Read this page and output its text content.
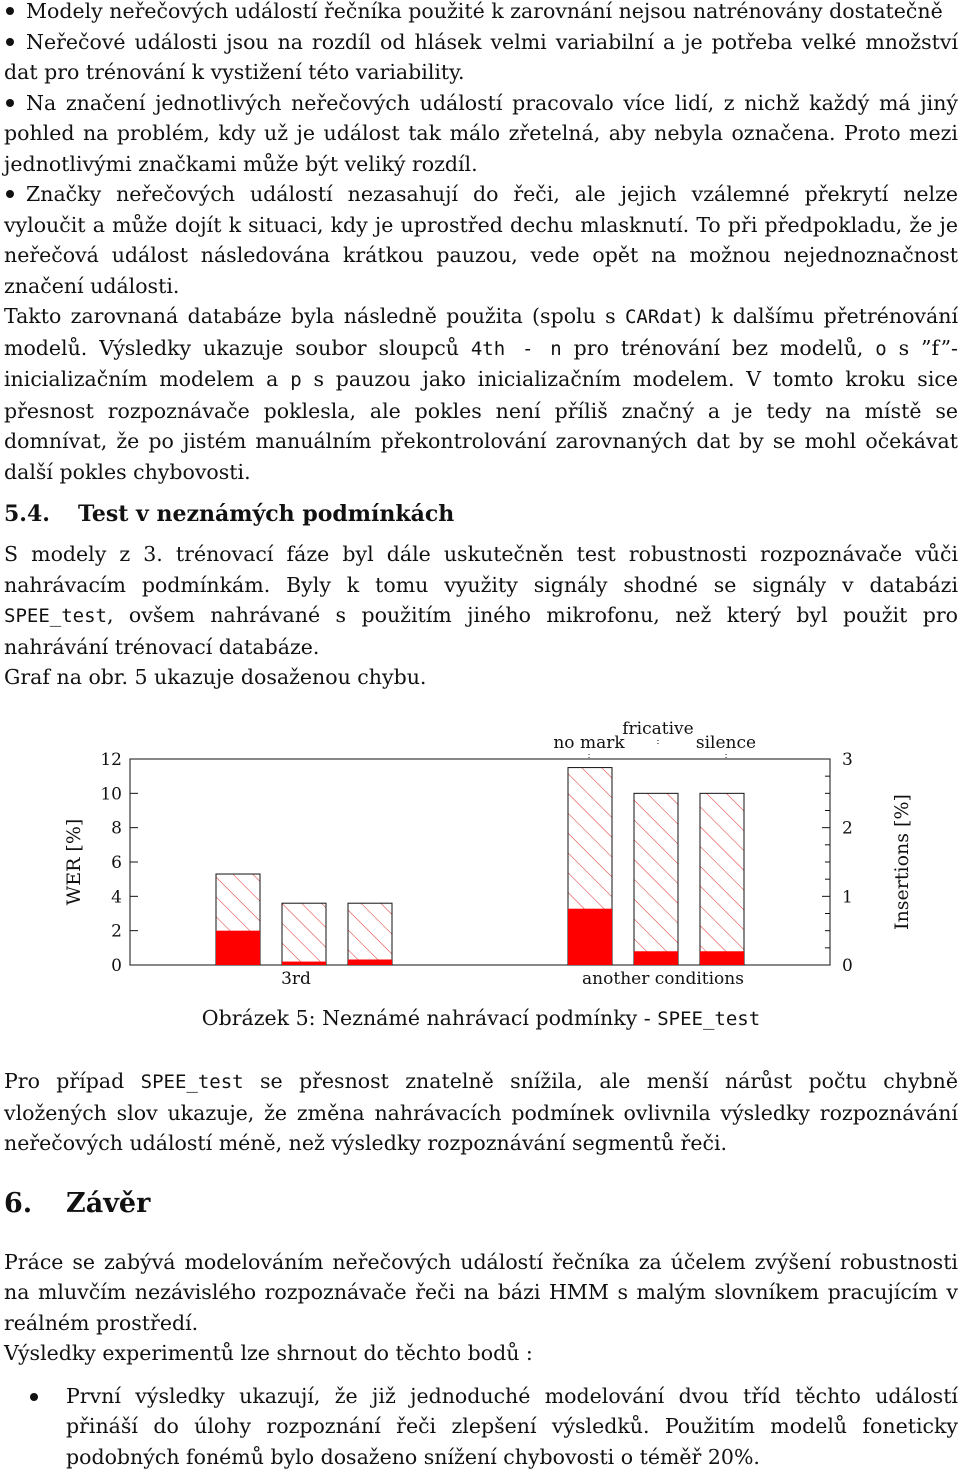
Modely neřečových událostí řečníka použité k zarovnání nejsou natrénovány dostatečně
Neřečové události jsou na rozdíl od hlásek velmi variabilní a je potřeba velké množství dat pro trénování k vystižení této variability.
Na značení jednotlivých neřečových událostí pracovalo více lidí, z nichž každý má jiný pohled na problém, kdy už je událost tak málo zřetelná, aby nebyla označena. Proto mezi jednotlivými značkami může být veliký rozdíl.
Značky neřečových událostí nezasahují do řeči, ale jejich vzálemné překrytí nelze vyloučit a může dojít k situaci, kdy je uprostřed dechu mlasknutí. To při předpokladu, že je neřečová událost následována krátkou pauzou, vede opět na možnou nejednoznačnost značení události.

Takto zarovnaná databáze byla následně použita (spolu s CARdat) k dalšímu přetrénování modelů. Výsledky ukazuje soubor sloupců 4th - n pro trénování bez modelů, o s ”f”-inicializačním modelem a p s pauzou jako inicializačním modelem. V tomto kroku sice přesnost rozpoznávače poklesla, ale pokles není příliš značný a je tedy na místě se domnívat, že po jistém manuálním překontrolování zarovnaných dat by se mohl očekávat další pokles chybovosti.

5.4. Test v neznámých podmínkách

S modely z 3. trénovací fáze byl dále uskutečněn test robustnosti rozpoznávače vůči nahrávacím podmínkám. Byly k tomu využity signály shodné se signály v databázi SPEE_test, ovšem nahrávané s použitím jiného mikrofonu, než který byl použit pro nahrávání trénovací databáze.

Graf na obr. 5 ukazuje dosaženou chybu.

0
2
4
6
8
10
12
0
1
2
3
WER [%]	Insertions [%]
3rd	another conditions
no mark
fricative
silence

Obrázek 5: Neznámé nahrávací podmínky - SPEE_test

Pro případ SPEE_test se přesnost znatelně snížila, ale menší nárůst počtu chybně vložených slov ukazuje, že změna nahrávacích podmínek ovlivnila výsledky rozpoznávání neřečových událostí méně, než výsledky rozpoznávání segmentů řeči.

6. Závěr

Práce se zabývá modelováním neřečových událostí řečníka za účelem zvýšení robustnosti na mluvčím nezávislého rozpoznávače řeči na bázi HMM s malým slovníkem pracujícím v reálném prostředí.

Výsledky experimentů lze shrnout do těchto bodů :

První výsledky ukazují, že již jednoduché modelování dvou tříd těchto událostí přináší do úlohy rozpoznání řeči zlepšení výsledků. Použitím modelů foneticky podobných fonémů bylo dosaženo snížení chybovosti o téměř 20%.
